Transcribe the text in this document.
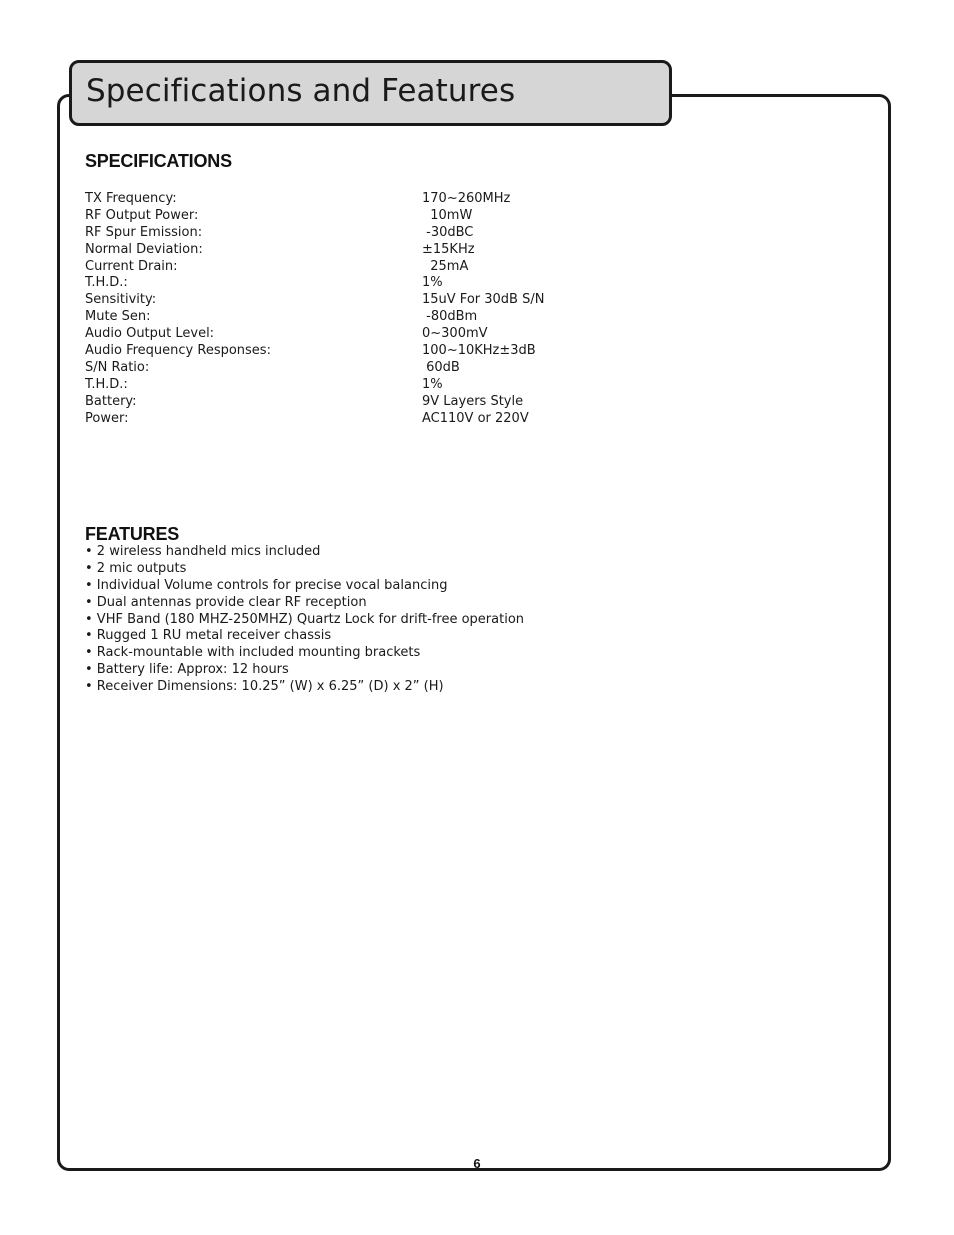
Specifications and Features
SPECIFICATIONS
TX Frequency:	170~260MHz
RF Output Power:	10mW
RF Spur Emission:	-30dBC
Normal Deviation:	±15KHz
Current Drain:	25mA
T.H.D.:	1%
Sensitivity:	15uV For 30dB S/N
Mute Sen:	-80dBm
Audio Output Level:	0~300mV
Audio Frequency Responses:	100~10KHz±3dB
S/N Ratio:	60dB
T.H.D.:	1%
Battery:	9V Layers Style
Power:	AC110V or 220V
FEATURES
• 2 wireless handheld mics included
• 2 mic outputs
• Individual Volume controls for precise vocal balancing
• Dual antennas provide clear RF reception
• VHF Band (180 MHZ-250MHZ) Quartz Lock for drift-free operation
• Rugged 1 RU metal receiver chassis
• Rack-mountable with included mounting brackets
• Battery life: Approx: 12 hours
• Receiver Dimensions: 10.25” (W) x 6.25” (D) x 2” (H)
6
